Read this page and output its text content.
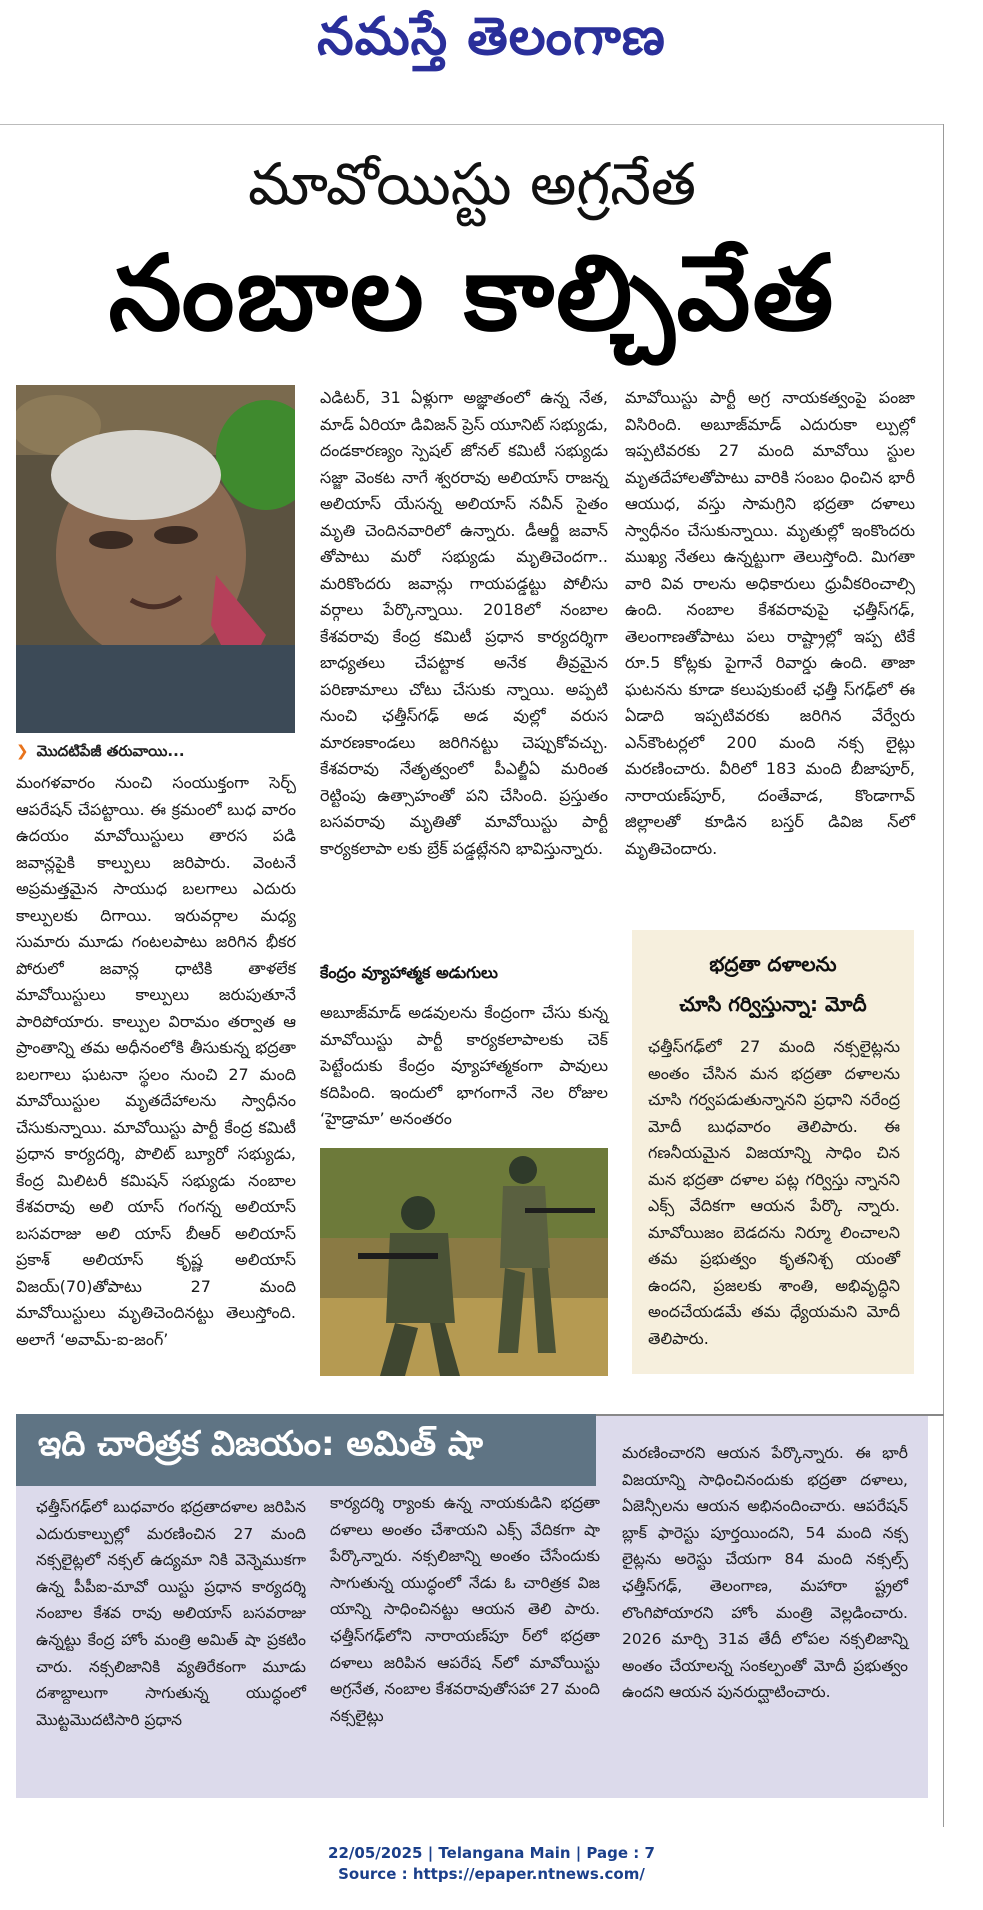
నమస్తే తెలంగాణ
మావోయిస్టు అగ్రనేత
నంబాల కాల్చివేత
❯ మొదటిపేజీ తరువాయి...

మంగళవారం నుంచి సంయుక్తంగా సెర్చ్ ఆపరేషన్ చేపట్టాయి. ఈ క్రమంలో బుధ వారం ఉదయం మావోయిస్టులు తారస పడి జవాన్లపైకి కాల్పులు జరిపారు. వెంటనే అప్రమత్తమైన సాయుధ బలగాలు ఎదురు కాల్పులకు దిగాయి. ఇరువర్గాల మధ్య సుమారు మూడు గంటలపాటు జరిగిన భీకర పోరులో జవాన్ల ధాటికి తాళలేక మావోయిస్టులు కాల్పులు జరుపుతూనే పారిపోయారు. కాల్పుల విరామం తర్వాత ఆ ప్రాంతాన్ని తమ అధీనంలోకి తీసుకున్న భద్రతా బలగాలు ఘటనా స్థలం నుంచి 27 మంది మావోయిస్టుల మృతదేహాలను స్వాధీనం చేసుకున్నాయి. మావోయిస్టు పార్టీ కేంద్ర కమిటీ ప్రధాన కార్యదర్శి, పొలిట్ బ్యూరో సభ్యుడు, కేంద్ర మిలిటరీ కమిషన్ సభ్యుడు నంబాల కేశవరావు అలి యాస్ గంగన్న అలియాస్ బసవరాజు అలి యాస్ బీఆర్ అలియాస్ ప్రకాశ్ అలియాస్ కృష్ణ అలియాస్ విజయ్(70)తోపాటు 27 మంది మావోయిస్టులు మృతిచెందినట్టు తెలుస్తోంది. అలాగే ‘అవామ్-ఐ-జంగ్’

ఎడిటర్, 31 ఏళ్లుగా అజ్ఞాతంలో ఉన్న నేత, మాడ్ ఏరియా డివిజన్ ప్రెస్ యూనిట్ సభ్యుడు, దండకారణ్యం స్పెషల్ జోనల్ కమిటీ సభ్యుడు సజ్జా వెంకట నాగే శ్వరరావు అలియాస్ రాజన్న అలియాస్ యేసన్న అలియాస్ నవీన్ సైతం మృతి చెందినవారిలో ఉన్నారు. డీఆర్జీ జవాన్ తోపాటు మరో సభ్యుడు మృతిచెందగా.. మరికొందరు జవాన్లు గాయపడ్డట్టు పోలీసు వర్గాలు పేర్కొన్నాయి. 2018లో నంబాల కేశవరావు కేంద్ర కమిటీ ప్రధాన కార్యదర్శిగా బాధ్యతలు చేపట్టాక అనేక తీవ్రమైన పరిణామాలు చోటు చేసుకు న్నాయి. అప్పటి నుంచి ఛత్తీస్‌గఢ్ అడ వుల్లో వరుస మారణకాండలు జరిగినట్టు చెప్పుకోవచ్చు. కేశవరావు నేతృత్వంలో పీఎల్జీఏ మరింత రెట్టింపు ఉత్సాహంతో పని చేసింది. ప్రస్తుతం బసవరావు మృతితో మావోయిస్టు పార్టీ కార్యకలాపా లకు బ్రేక్ పడ్డట్లేనని భావిస్తున్నారు.

కేంద్రం వ్యూహాత్మక అడుగులు

అబూజ్‌మాడ్ అడవులను కేంద్రంగా చేసు కున్న మావోయిస్టు పార్టీ కార్యకలాపాలకు చెక్ పెట్టేందుకు కేంద్రం వ్యూహాత్మకంగా పావులు కదిపింది. ఇందులో భాగంగానే నెల రోజుల ‘హైడ్రామా’ అనంతరం

మావోయిస్టు పార్టీ అగ్ర నాయకత్వంపై పంజా విసిరింది. అబూజ్‌మాడ్ ఎదురుకా ల్పుల్లో ఇప్పటివరకు 27 మంది మావోయి స్టుల మృతదేహాలతోపాటు వారికి సంబం ధించిన భారీ ఆయుధ, వస్తు సామగ్రిని భద్రతా దళాలు స్వాధీనం చేసుకున్నాయి. మృతుల్లో ఇంకొందరు ముఖ్య నేతలు ఉన్నట్టుగా తెలుస్తోంది. మిగతా వారి వివ రాలను అధికారులు ధ్రువీకరించాల్సి ఉంది. నంబాల కేశవరావుపై ఛత్తీస్‌గఢ్, తెలంగాణతోపాటు పలు రాష్ట్రాల్లో ఇప్ప టికే రూ.5 కోట్లకు పైగానే రివార్డు ఉంది. తాజా ఘటనను కూడా కలుపుకుంటే ఛత్తీ స్‌గఢ్‌లో ఈ ఏడాది ఇప్పటివరకు జరిగిన వేర్వేరు ఎన్‌కౌంటర్లలో 200 మంది నక్స లైట్లు మరణించారు. వీరిలో 183 మంది బీజాపూర్, నారాయణ్‌పూర్, దంతేవాడ, కొండాగావ్ జిల్లాలతో కూడిన బస్తర్ డివిజ న్‌లో మృతిచెందారు.

భద్రతా దళాలను
చూసి గర్విస్తున్నా: మోదీ
ఛత్తీస్‌గఢ్‌లో 27 మంది నక్సలైట్లను అంతం చేసిన మన భద్రతా దళాలను చూసి గర్వపడుతున్నానని ప్రధాని నరేంద్ర మోదీ బుధవారం తెలిపారు. ఈ గణనీయమైన విజయాన్ని సాధిం చిన మన భద్రతా దళాల పట్ల గర్విస్తు న్నానని ఎక్స్ వేదికగా ఆయన పేర్కొ న్నారు. మావోయిజం బెడదను నిర్మూ లించాలని తమ ప్రభుత్వం కృతనిశ్చ యంతో ఉందని, ప్రజలకు శాంతి, అభివృద్ధిని అందచేయడమే తమ ధ్యేయమని మోదీ తెలిపారు.
ఇది చారిత్రక విజయం: అమిత్ షా
ఛత్తీస్‌గఢ్‌లో బుధవారం భద్రతాదళాల జరిపిన ఎదురుకాల్పుల్లో మరణించిన 27 మంది నక్సలైట్లలో నక్సల్ ఉద్యమా నికి వెన్నెముకగా ఉన్న పీపీఐ-మావో యిస్టు ప్రధాన కార్యదర్శి నంబాల కేశవ రావు అలియాస్ బసవరాజు ఉన్నట్టు కేంద్ర హోం మంత్రి అమిత్ షా ప్రకటిం చారు. నక్సలిజానికి వ్యతిరేకంగా మూడు దశాబ్దాలుగా సాగుతున్న యుద్ధంలో మొట్టమొదటిసారి ప్రధాన
కార్యదర్శి ర్యాంకు ఉన్న నాయకుడిని భద్రతా దళాలు అంతం చేశాయని ఎక్స్ వేదికగా షా పేర్కొన్నారు. నక్సలిజాన్ని అంతం చేసేందుకు సాగుతున్న యుద్ధంలో నేడు ఓ చారిత్రక విజ యాన్ని సాధించినట్టు ఆయన తెలి పారు. ఛత్తీస్‌గఢ్‌లోని నారాయణ్‌పూ ర్‌లో భద్రతా దళాలు జరిపిన ఆపరేష న్‌లో మావోయిస్టు అగ్రనేత, నంబాల కేశవరావుతోసహా 27 మంది నక్సలైట్లు
మరణించారని ఆయన పేర్కొన్నారు. ఈ భారీ విజయాన్ని సాధించినందుకు భద్రతా దళాలు, ఏజెన్సీలను ఆయన అభినందించారు. ఆపరేషన్ బ్లాక్ ఫారెస్టు పూర్తయిందని, 54 మంది నక్స లైట్లను అరెస్టు చేయగా 84 మంది నక్సల్స్ ఛత్తీస్‌గఢ్, తెలంగాణ, మహారా ష్ట్రలో లొంగిపోయారని హోం మంత్రి వెల్లడించారు. 2026 మార్చి 31వ తేదీ లోపల నక్సలిజాన్ని అంతం చేయాలన్న సంకల్పంతో మోదీ ప్రభుత్వం ఉందని ఆయన పునరుద్ఘాటించారు.
22/05/2025 | Telangana Main | Page : 7
Source : https://epaper.ntnews.com/
